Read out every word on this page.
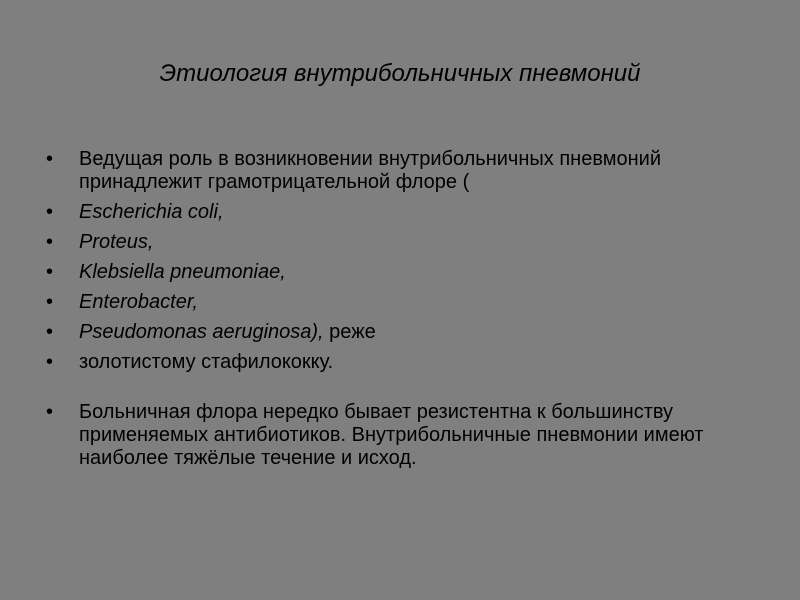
Этиология внутрибольничных пневмоний
• Ведущая роль в возникновении внутрибольничных пневмоний принадлежит грамотрицательной флоре (
• Escherichia coli,
• Proteus,
• Klebsiella pneumoniae,
• Enterobacter,
• Pseudomonas aeruginosa), реже
• золотистому стафилококку.
• Больничная флора нередко бывает резистентна к большинству применяемых антибиотиков. Внутрибольничные пневмонии имеют наиболее тяжёлые течение и исход.
